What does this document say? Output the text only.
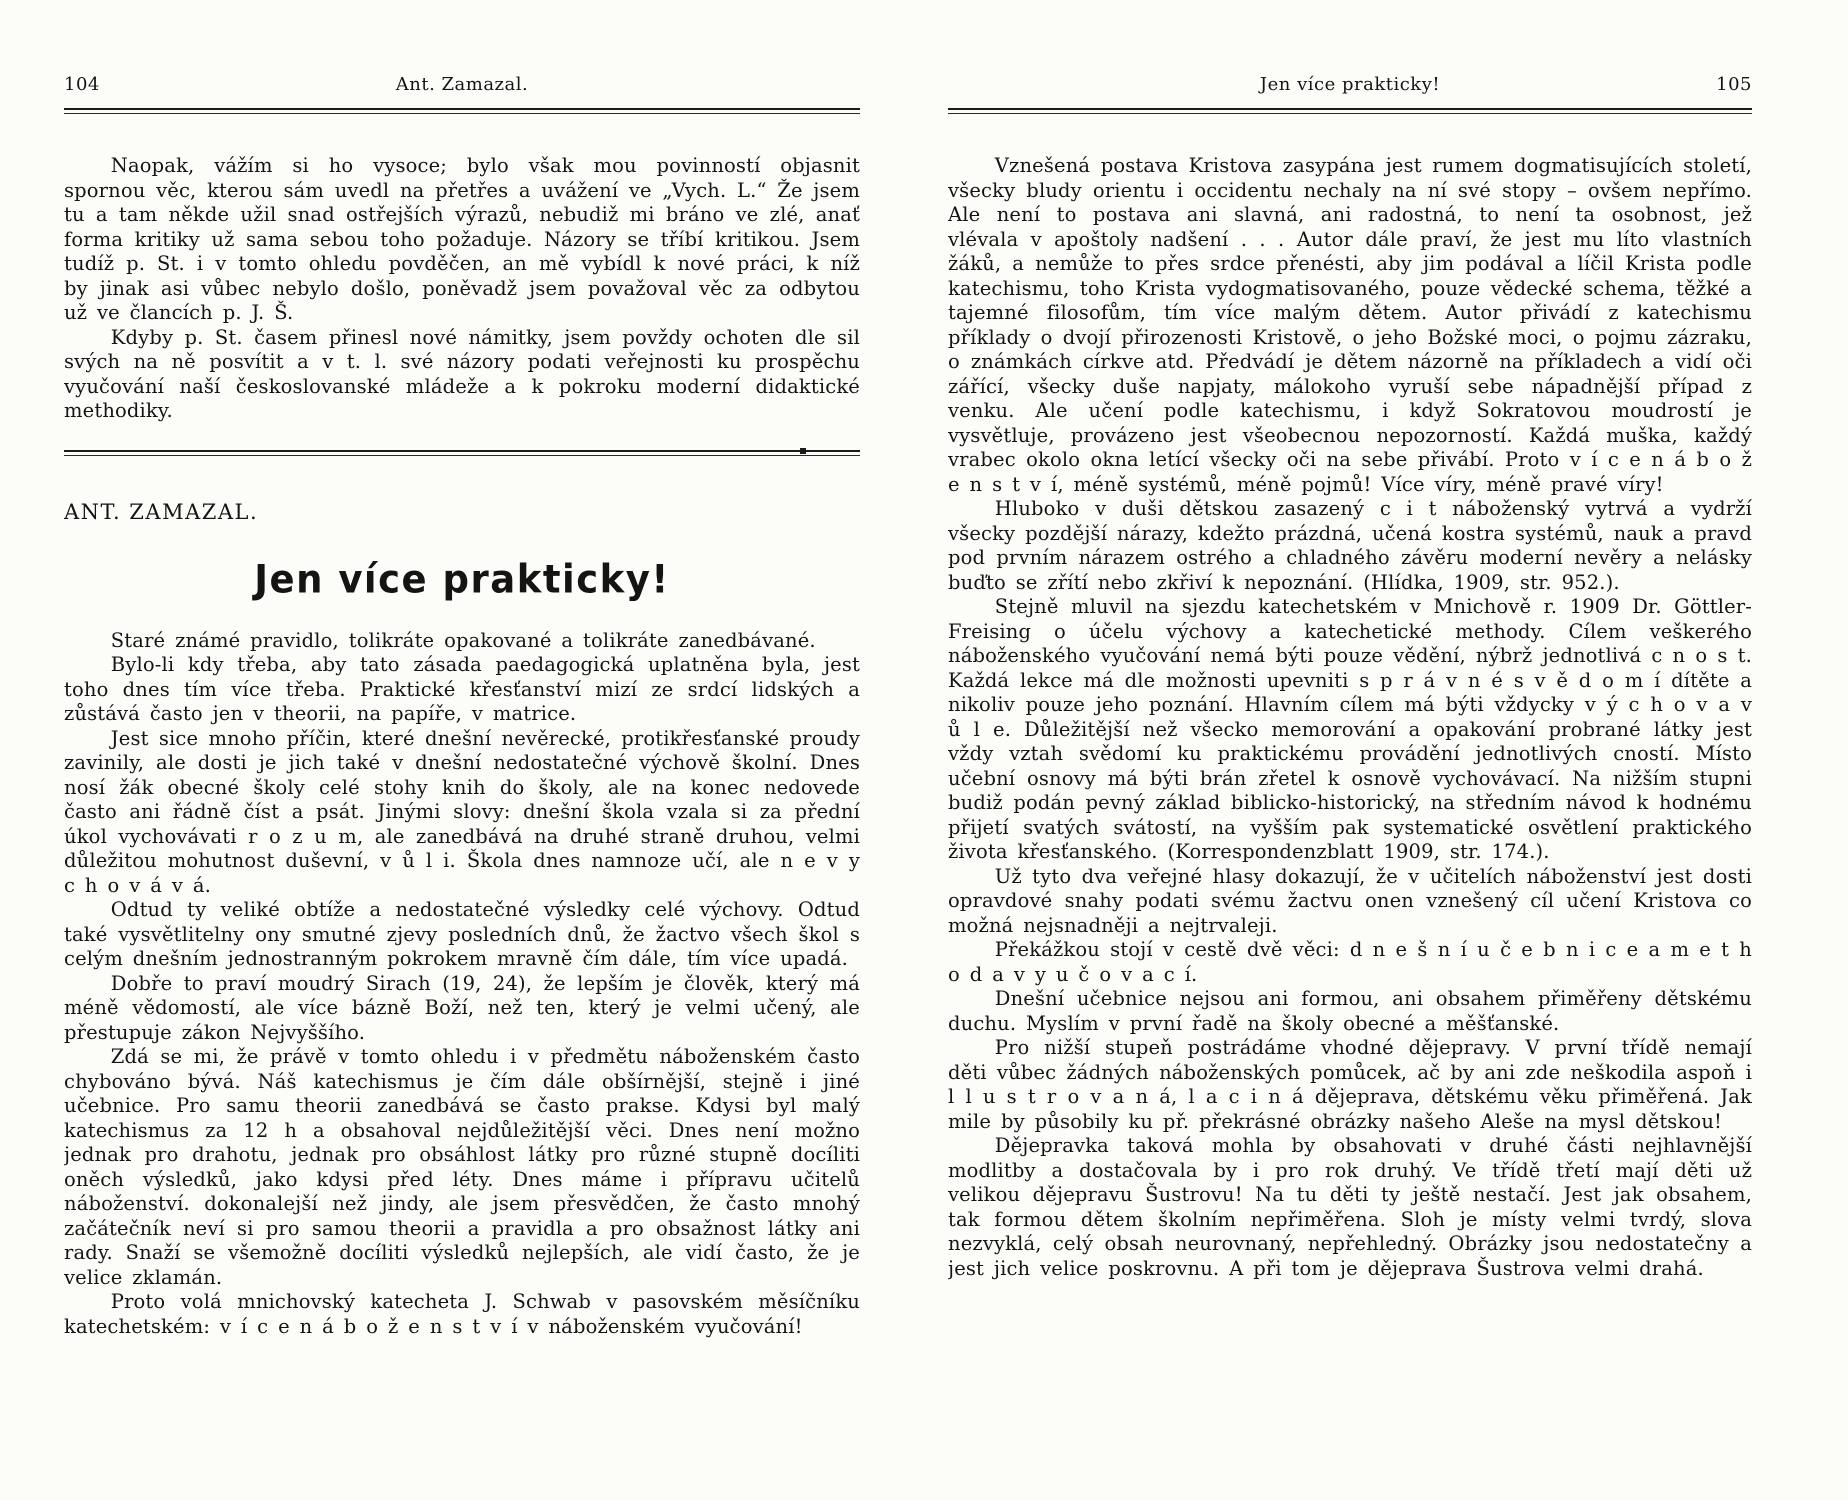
104	Ant. Zamazal.

Naopak, vážím si ho vysoce; bylo však mou povinností objasnit spornou věc, kterou sám uvedl na přetřes a uvážení ve „Vych. L.“ Že jsem tu a tam někde užil snad ostřejších výrazů, nebudiž mi bráno ve zlé, anať forma kritiky už sama sebou toho požaduje. Názory se tříbí kritikou. Jsem tudíž p. St. i v tomto ohledu povděčen, an mě vybídl k nové práci, k níž by jinak asi vůbec nebylo došlo, poněvadž jsem považoval věc za odbytou už ve člancích p. J. Š.

Kdyby p. St. časem přinesl nové námitky, jsem povždy ochoten dle sil svých na ně posvítit a v t. l. své názory podati veřejnosti ku prospěchu vyučování naší českoslovanské mládeže a k pokroku moderní didaktické methodiky.

ANT. ZAMAZAL.
Jen více prakticky!

Staré známé pravidlo, tolikráte opakované a tolikráte zanedbávané.

Bylo-li kdy třeba, aby tato zásada paedagogická uplatněna byla, jest toho dnes tím více třeba. Praktické křesťanství mizí ze srdcí lidských a zůstává často jen v theorii, na papíře, v matrice.

Jest sice mnoho příčin, které dnešní nevěrecké, protikřesťanské proudy zavinily, ale dosti je jich také v dnešní nedostatečné výchově školní. Dnes nosí žák obecné školy celé stohy knih do školy, ale na konec nedovede často ani řádně číst a psát. Jinými slovy: dnešní škola vzala si za přední úkol vychovávati r o z u m, ale zanedbává na druhé straně druhou, velmi důležitou mohutnost duševní, v ů l i. Škola dnes namnoze učí, ale n e v y c h o v á v á.

Odtud ty veliké obtíže a nedostatečné výsledky celé výchovy. Odtud také vysvětlitelny ony smutné zjevy posledních dnů, že žactvo všech škol s celým dnešním jednostranným pokrokem mravně čím dále, tím více upadá.

Dobře to praví moudrý Sirach (19, 24), že lepším je člověk, který má méně vědomostí, ale více bázně Boží, než ten, který je velmi učený, ale přestupuje zákon Nejvyššího.

Zdá se mi, že právě v tomto ohledu i v předmětu náboženském často chybováno bývá. Náš katechismus je čím dále obšírnější, stejně i jiné učebnice. Pro samu theorii zanedbává se často prakse. Kdysi byl malý katechismus za 12 h a obsahoval nejdůležitější věci. Dnes není možno jednak pro drahotu, jednak pro obsáhlost látky pro různé stupně docíliti oněch výsledků, jako kdysi před léty. Dnes máme i přípravu učitelů náboženství. dokonalejší než jindy, ale jsem přesvědčen, že často mnohý začátečník neví si pro samou theorii a pravidla a pro obsažnost látky ani rady. Snaží se všemožně docíliti výsledků nejlepších, ale vidí často, že je velice zklamán.

Proto volá mnichovský katecheta J. Schwab v pasovském měsíčníku katechetském: v í c e n á b o ž e n s t v í v náboženském vyučování!

Jen více prakticky!	105

Vznešená postava Kristova zasypána jest rumem dogmatisujících století, všecky bludy orientu i occidentu nechaly na ní své stopy – ovšem nepřímo. Ale není to postava ani slavná, ani radostná, to není ta osobnost, jež vlévala v apoštoly nadšení . . . Autor dále praví, že jest mu líto vlastních žáků, a nemůže to přes srdce přenésti, aby jim podával a líčil Krista podle katechismu, toho Krista vydogmatisovaného, pouze vědecké schema, těžké a tajemné filosofům, tím více malým dětem. Autor přivádí z katechismu příklady o dvojí přirozenosti Kristově, o jeho Božské moci, o pojmu zázraku, o známkách církve atd. Předvádí je dětem názorně na příkladech a vidí oči zářící, všecky duše napjaty, málokoho vyruší sebe nápadnější případ z venku. Ale učení podle katechismu, i když Sokratovou moudrostí je vysvětluje, provázeno jest všeobecnou nepozorností. Každá muška, každý vrabec okolo okna letící všecky oči na sebe přivábí. Proto v í c e n á b o ž e n s t v í, méně systémů, méně pojmů! Více víry, méně pravé víry!

Hluboko v duši dětskou zasazený c i t náboženský vytrvá a vydrží všecky pozdější nárazy, kdežto prázdná, učená kostra systémů, nauk a pravd pod prvním nárazem ostrého a chladného závěru moderní nevěry a nelásky buďto se zřítí nebo zkřiví k nepoznání. (Hlídka, 1909, str. 952.).

Stejně mluvil na sjezdu katechetském v Mnichově r. 1909 Dr. Göttler-Freising o účelu výchovy a katechetické methody. Cílem veškerého náboženského vyučování nemá býti pouze vědění, nýbrž jednotlivá c n o s t. Každá lekce má dle možnosti upevniti s p r á v n é s v ě d o m í dítěte a nikoliv pouze jeho poznání. Hlavním cílem má býti vždycky v ý c h o v a v ů l e. Důležitější než všecko memorování a opakování probrané látky jest vždy vztah svědomí ku praktickému provádění jednotlivých cností. Místo učební osnovy má býti brán zřetel k osnově vychovávací. Na nižším stupni budiž podán pevný základ biblicko-historický, na středním návod k hodnému přijetí svatých svátostí, na vyšším pak systematické osvětlení praktického života křesťanského. (Korrespondenzblatt 1909, str. 174.).

Už tyto dva veřejné hlasy dokazují, že v učitelích náboženství jest dosti opravdové snahy podati svému žactvu onen vznešený cíl učení Kristova co možná nejsnadněji a nejtrvaleji.

Překážkou stojí v cestě dvě věci: d n e š n í u č e b n i c e a m e t h o d a v y u č o v a c í.

Dnešní učebnice nejsou ani formou, ani obsahem přiměřeny dětskému duchu. Myslím v první řadě na školy obecné a měšťanské.

Pro nižší stupeň postrádáme vhodné dějepravy. V první třídě nemají děti vůbec žádných náboženských pomůcek, ač by ani zde neškodila aspoň i l l u s t r o v a n á, l a c i n á dějeprava, dětskému věku přiměřená. Jak mile by působily ku př. překrásné obrázky našeho Aleše na mysl dětskou!

Dějepravka taková mohla by obsahovati v druhé části nejhlavnější modlitby a dostačovala by i pro rok druhý. Ve třídě třetí mají děti už velikou dějepravu Šustrovu! Na tu děti ty ještě nestačí. Jest jak obsahem, tak formou dětem školním nepřiměřena. Sloh je místy velmi tvrdý, slova nezvyklá, celý obsah neurovnaný, nepřehledný. Obrázky jsou nedostatečny a jest jich velice poskrovnu. A při tom je dějeprava Šustrova velmi drahá.
